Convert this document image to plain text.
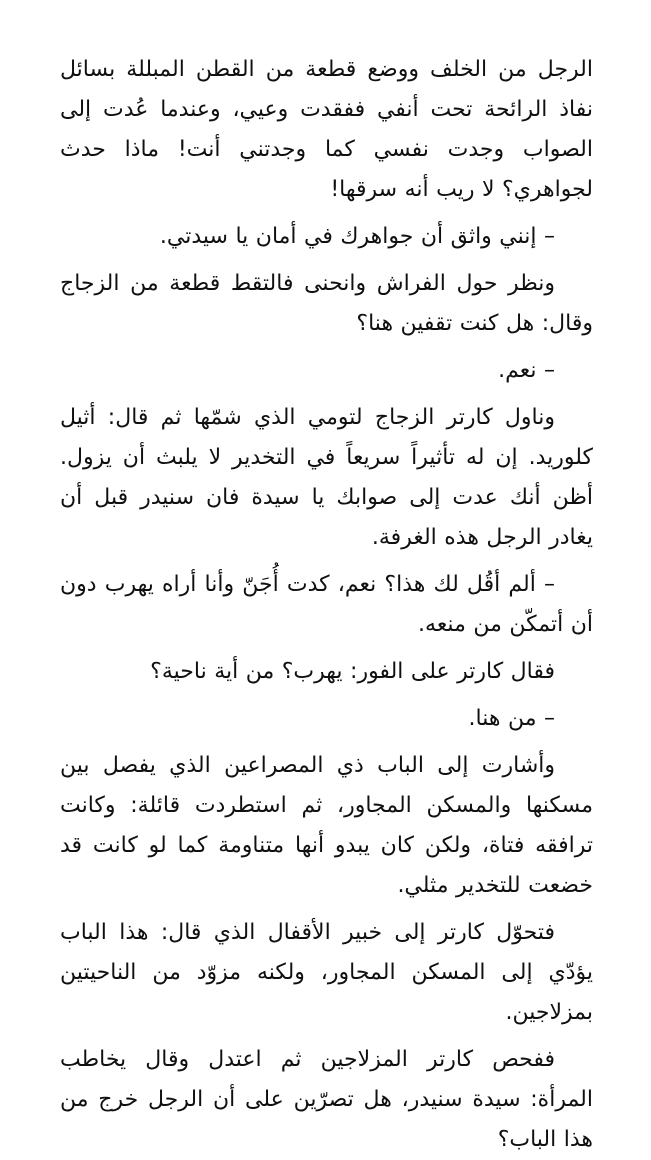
الرجل من الخلف ووضع قطعة من القطن المبللة بسائل نفاذ الرائحة تحت أنفي ففقدت وعيي، وعندما عُدت إلى الصواب وجدت نفسي كما وجدتني أنت! ماذا حدث لجواهري؟ لا ريب أنه سرقها!

– إنني واثق أن جواهرك في أمان يا سيدتي.

ونظر حول الفراش وانحنى فالتقط قطعة من الزجاج وقال: هل كنت تقفين هنا؟

– نعم.

وناول كارتر الزجاج لتومي الذي شمّها ثم قال: أثيل كلوريد. إن له تأثيراً سريعاً في التخدير لا يلبث أن يزول. أظن أنك عدت إلى صوابك يا سيدة فان سنيدر قبل أن يغادر الرجل هذه الغرفة.

– ألم أقُل لك هذا؟ نعم، كدت أُجَنّ وأنا أراه يهرب دون أن أتمكّن من منعه.

فقال كارتر على الفور: يهرب؟ من أية ناحية؟

– من هنا.

وأشارت إلى الباب ذي المصراعين الذي يفصل بين مسكنها والمسكن المجاور، ثم استطردت قائلة: وكانت ترافقه فتاة، ولكن كان يبدو أنها متناومة كما لو كانت قد خضعت للتخدير مثلي.

فتحوّل كارتر إلى خبير الأقفال الذي قال: هذا الباب يؤدّي إلى المسكن المجاور، ولكنه مزوّد من الناحيتين بمزلاجين.

ففحص كارتر المزلاجين ثم اعتدل وقال يخاطب المرأة: سيدة سنيدر، هل تصرّين على أن الرجل خرج من هذا الباب؟
